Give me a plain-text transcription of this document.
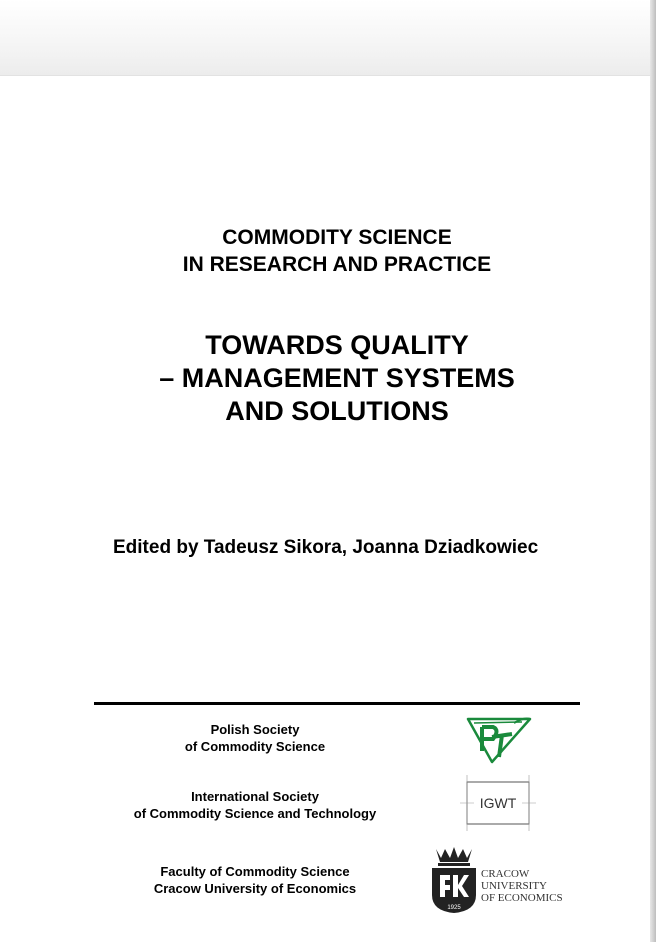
COMMODITY SCIENCE
IN RESEARCH AND PRACTICE
TOWARDS QUALITY
– MANAGEMENT SYSTEMS
AND SOLUTIONS
Edited by Tadeusz Sikora, Joanna Dziadkowiec
Polish Society
of Commodity Science
International Society
of Commodity Science and Technology
IGWT
Faculty of Commodity Science
Cracow University of Economics
1925
CRACOW
UNIVERSITY
OF ECONOMICS
